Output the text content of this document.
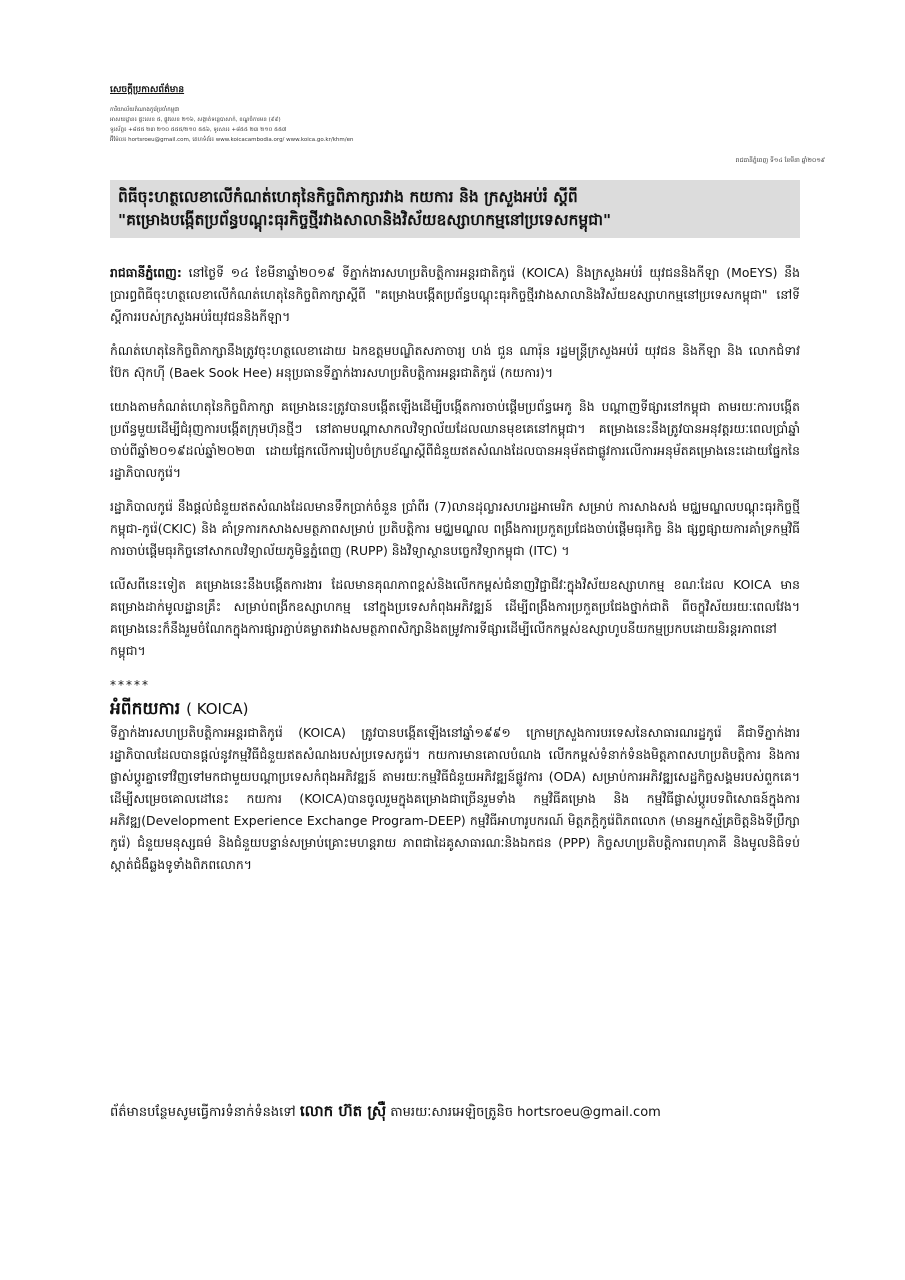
សេចក្តីប្រកាសព័ត៌មាន
ការិយាល័យតំណាងកូរ៉េប្រចាំកម្ពុជា
អាសយដ្ឋាន៖ ផ្ទះលេខ ៥, ផ្លូវលេខ ២១៦, សង្កាត់ទន្លេបាសាក់, ខណ្ឌចំការមន (៩៩)
ទូរស័ព្ទ៖ +៨៥៥ ២៣ ២១០ ៥៥៥/២១០ ៥៥៦, ទូរសារ៖ +៨៥៥ ២៣ ២១០ ៥៥៧
អ៊ីម៉ែល៖ hortsroeu@gmail.com, គេហទំព័រ៖ www.koicacambodia.org/ www.koica.go.kr/khm/en
រាជធានីភ្នំពេញ ទី១៤ ខែមីនា ឆ្នាំ២០១៩
ពិធីចុះហត្ថលេខាលើកំណត់ហេតុនៃកិច្ចពិភាក្សារវាង កយការ និង ក្រសួងអប់រំ ស្តីពី
"គម្រោងបង្កើតប្រព័ន្ធបណ្តុះធុរកិច្ចថ្មីរវាងសាលានិងវិស័យឧស្សាហកម្មនៅប្រទេសកម្ពុជា"

រាជធានីភ្នំពេញ: នៅថ្ងៃទី ១៤ ខែមីនាឆ្នាំ២០១៩ ទីភ្នាក់ងារសហប្រតិបត្តិការអន្តរជាតិកូរ៉េ (KOICA) និងក្រសួងអប់រំ យុវជននិងកីឡា (MoEYS) នឹងប្រារព្ធពិធីចុះហត្ថលេខាលើកំណត់ហេតុនៃកិច្ចពិភាក្សាស្តីពី "គម្រោងបង្កើតប្រព័ន្ធបណ្តុះធុរកិច្ចថ្មីរវាងសាលានិងវិស័យឧស្សាហកម្មនៅប្រទេសកម្ពុជា" នៅទីស្តីការរបស់ក្រសួងអប់រំយុវជននិងកីឡា។

កំណត់ហេតុនៃកិច្ចពិភាក្សានឹងត្រូវចុះហត្ថលេខាដោយ ឯកឧត្តមបណ្ឌិតសភាចារ្យ ហង់ ជួន ណារ៉ុន រដ្ឋមន្ត្រីក្រសួងអប់រំ យុវជន និងកីឡា និង លោកជំទាវ ប៊ែក ស៊ុកហ៊ី (Baek Sook Hee) អនុប្រធានទីភ្នាក់ងារសហប្រតិបត្តិការអន្តរជាតិកូរ៉េ (កយការ)។

យោងតាមកំណត់ហេតុនៃកិច្ចពិភាក្សា គម្រោងនេះត្រូវបានបង្កើតឡើងដើម្បីបង្កើតការចាប់ផ្តើមប្រព័ន្ធអេកូ និង បណ្តាញទីផ្សារនៅកម្ពុជា តាមរយៈការបង្កើតប្រព័ន្ធមួយដើម្បីជំរុញការបង្កើតក្រុមហ៊ុនថ្មីៗ នៅតាមបណ្តាសាកលវិទ្យាល័យដែលឈានមុខគេនៅកម្ពុជា។ គម្រោងនេះនឹងត្រូវបានអនុវត្តរយៈពេលប្រាំឆ្នាំចាប់ពីឆ្នាំ២០១៩ដល់ឆ្នាំ២០២៣ ដោយផ្អែកលើការរៀបចំក្របខ័ណ្ឌស្តីពីជំនួយឥតសំណងដែលបានអនុម័តជាផ្លូវការលើការអនុម័តគម្រោងនេះដោយផ្នែកនៃរដ្ឋាភិបាលកូរ៉េ។

រដ្ឋាភិបាលកូរ៉េ នឹងផ្តល់ជំនួយឥតសំណងដែលមានទឹកប្រាក់ចំនួន ប្រាំពីរ (7)លានដុល្លារសហរដ្ឋអាមេរិក សម្រាប់ ការសាងសង់ មជ្ឈមណ្ឌលបណ្តុះធុរកិច្ចថ្មីកម្ពុជា-កូរ៉េ(CKIC) និង គាំទ្រការកសាងសមត្ថភាពសម្រាប់ ប្រតិបត្តិការ មជ្ឈមណ្ឌល ពង្រឹងការប្រកួតប្រជែងចាប់ផ្តើមធុរកិច្ច និង ផ្សព្វផ្សាយការគាំទ្រកម្មវិធីការចាប់ផ្តើមធុរកិច្ចនៅសាកលវិទ្យាល័យភូមិន្ទភ្នំពេញ (RUPP) និងវិទ្យាស្ថានបច្ចេកវិទ្យាកម្ពុជា (ITC) ។

លើសពីនេះទៀត គម្រោងនេះនឹងបង្កើតការងារ ដែលមានគុណភាពខ្ពស់និងលើកកម្ពស់ជំនាញវិជ្ជាជីវៈក្នុងវិស័យឧស្សាហកម្ម ខណៈដែល KOICA មានគម្រោងដាក់មូលដ្ឋានគ្រឹះ សម្រាប់ពង្រីកឧស្សាហកម្ម នៅក្នុងប្រទេសកំពុងអភិវឌ្ឍន៍ ដើម្បីពង្រឹងការប្រកួតប្រជែងថ្នាក់ជាតិ ពីចក្ខុវិស័យរយៈពេលវែង។ គម្រោងនេះក៏នឹងរួមចំណែកក្នុងការផ្សារភ្ជាប់គម្លាតរវាងសមត្ថភាពសិក្សានិងតម្រូវការទីផ្សារដើម្បីលើកកម្ពស់ឧស្សាហូបនីយកម្មប្រកបដោយនិរន្តរភាពនៅកម្ពុជា។

*****
អំពីកយការ ( KOICA)

ទីភ្នាក់ងារសហប្រតិបត្តិការអន្តរជាតិកូរ៉េ (KOICA) ត្រូវបានបង្កើតឡើងនៅឆ្នាំ១៩៩១ ក្រោមក្រសួងការបរទេសនៃសាធារណរដ្ឋកូរ៉េ គឺជាទីភ្នាក់ងាររដ្ឋាភិបាលដែលបានផ្តល់នូវកម្មវិធីជំនួយឥតសំណងរបស់ប្រទេសកូរ៉េ។ កយការមានគោលបំណង លើកកម្ពស់ទំនាក់ទំនងមិត្តភាពសហប្រតិបត្តិការ និងការផ្លាស់ប្តូរគ្នាទៅវិញទៅមកជាមួយបណ្តាប្រទេសកំពុងអភិវឌ្ឍន៍ តាមរយៈកម្មវិធីជំនួយអភិវឌ្ឍន៍ផ្លូវការ (ODA) សម្រាប់ការអភិវឌ្ឍសេដ្ឋកិច្ចសង្គមរបស់ពួកគេ។ ដើម្បីសម្រេចគោលដៅនេះ កយការ (KOICA)បានចូលរួមក្នុងគម្រោងជាច្រើនរួមទាំង កម្មវិធីគម្រោង និង កម្មវិធីផ្លាស់ប្តូរបទពិសោធន៍ក្នុងការអភិវឌ្ឍ(Development Experience Exchange Program-DEEP) កម្មវិធីអាហារូបករណ៍ មិត្តភក្តិកូរ៉េពិភពលោក (មានអ្នកស្ម័គ្រចិត្តនិងទីប្រឹក្សាកូរ៉េ) ជំនួយមនុស្សធម៌ និងជំនួយបន្ទាន់សម្រាប់គ្រោះមហន្តរាយ ភាពជាដៃគូសាធារណៈនិងឯកជន (PPP) កិច្ចសហប្រតិបត្តិការពហុភាគី និងមូលនិធិទប់ស្កាត់ជំងឺឆ្លងទូទាំងពិភពលោក។

ព័ត៌មានបន្ថែមសូមធ្វើការទំនាក់ទំនងទៅ លោក ហ៊ត ស្រ៊ឺ តាមរយៈសារអេឡិចត្រូនិច hortsroeu@gmail.com
